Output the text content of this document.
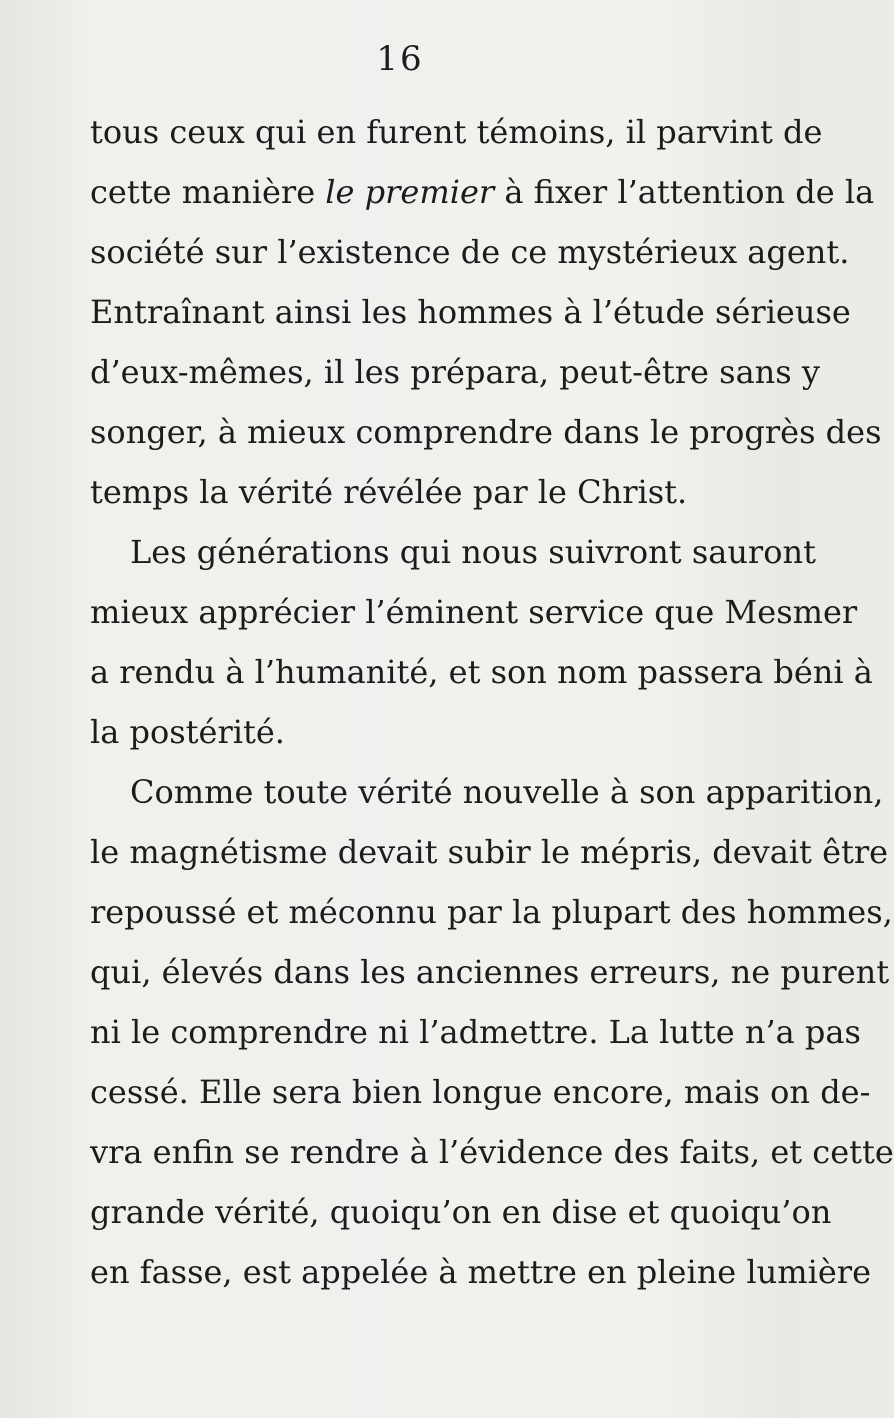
16
tous ceux qui en furent témoins, il parvint de
cette manière le premier à fixer l’attention de la
société sur l’existence de ce mystérieux agent.
Entraînant ainsi les hommes à l’étude sérieuse
d’eux-mêmes, il les prépara, peut-être sans y
songer, à mieux comprendre dans le progrès des
temps la vérité révélée par le Christ.
Les générations qui nous suivront sauront
mieux apprécier l’éminent service que Mesmer
a rendu à l’humanité, et son nom passera béni à
la postérité.
Comme toute vérité nouvelle à son apparition,
le magnétisme devait subir le mépris, devait être
repoussé et méconnu par la plupart des hommes,
qui, élevés dans les anciennes erreurs, ne purent
ni le comprendre ni l’admettre. La lutte n’a pas
cessé. Elle sera bien longue encore, mais on de-
vra enfin se rendre à l’évidence des faits, et cette
grande vérité, quoiqu’on en dise et quoiqu’on
en fasse, est appelée à mettre en pleine lumière
